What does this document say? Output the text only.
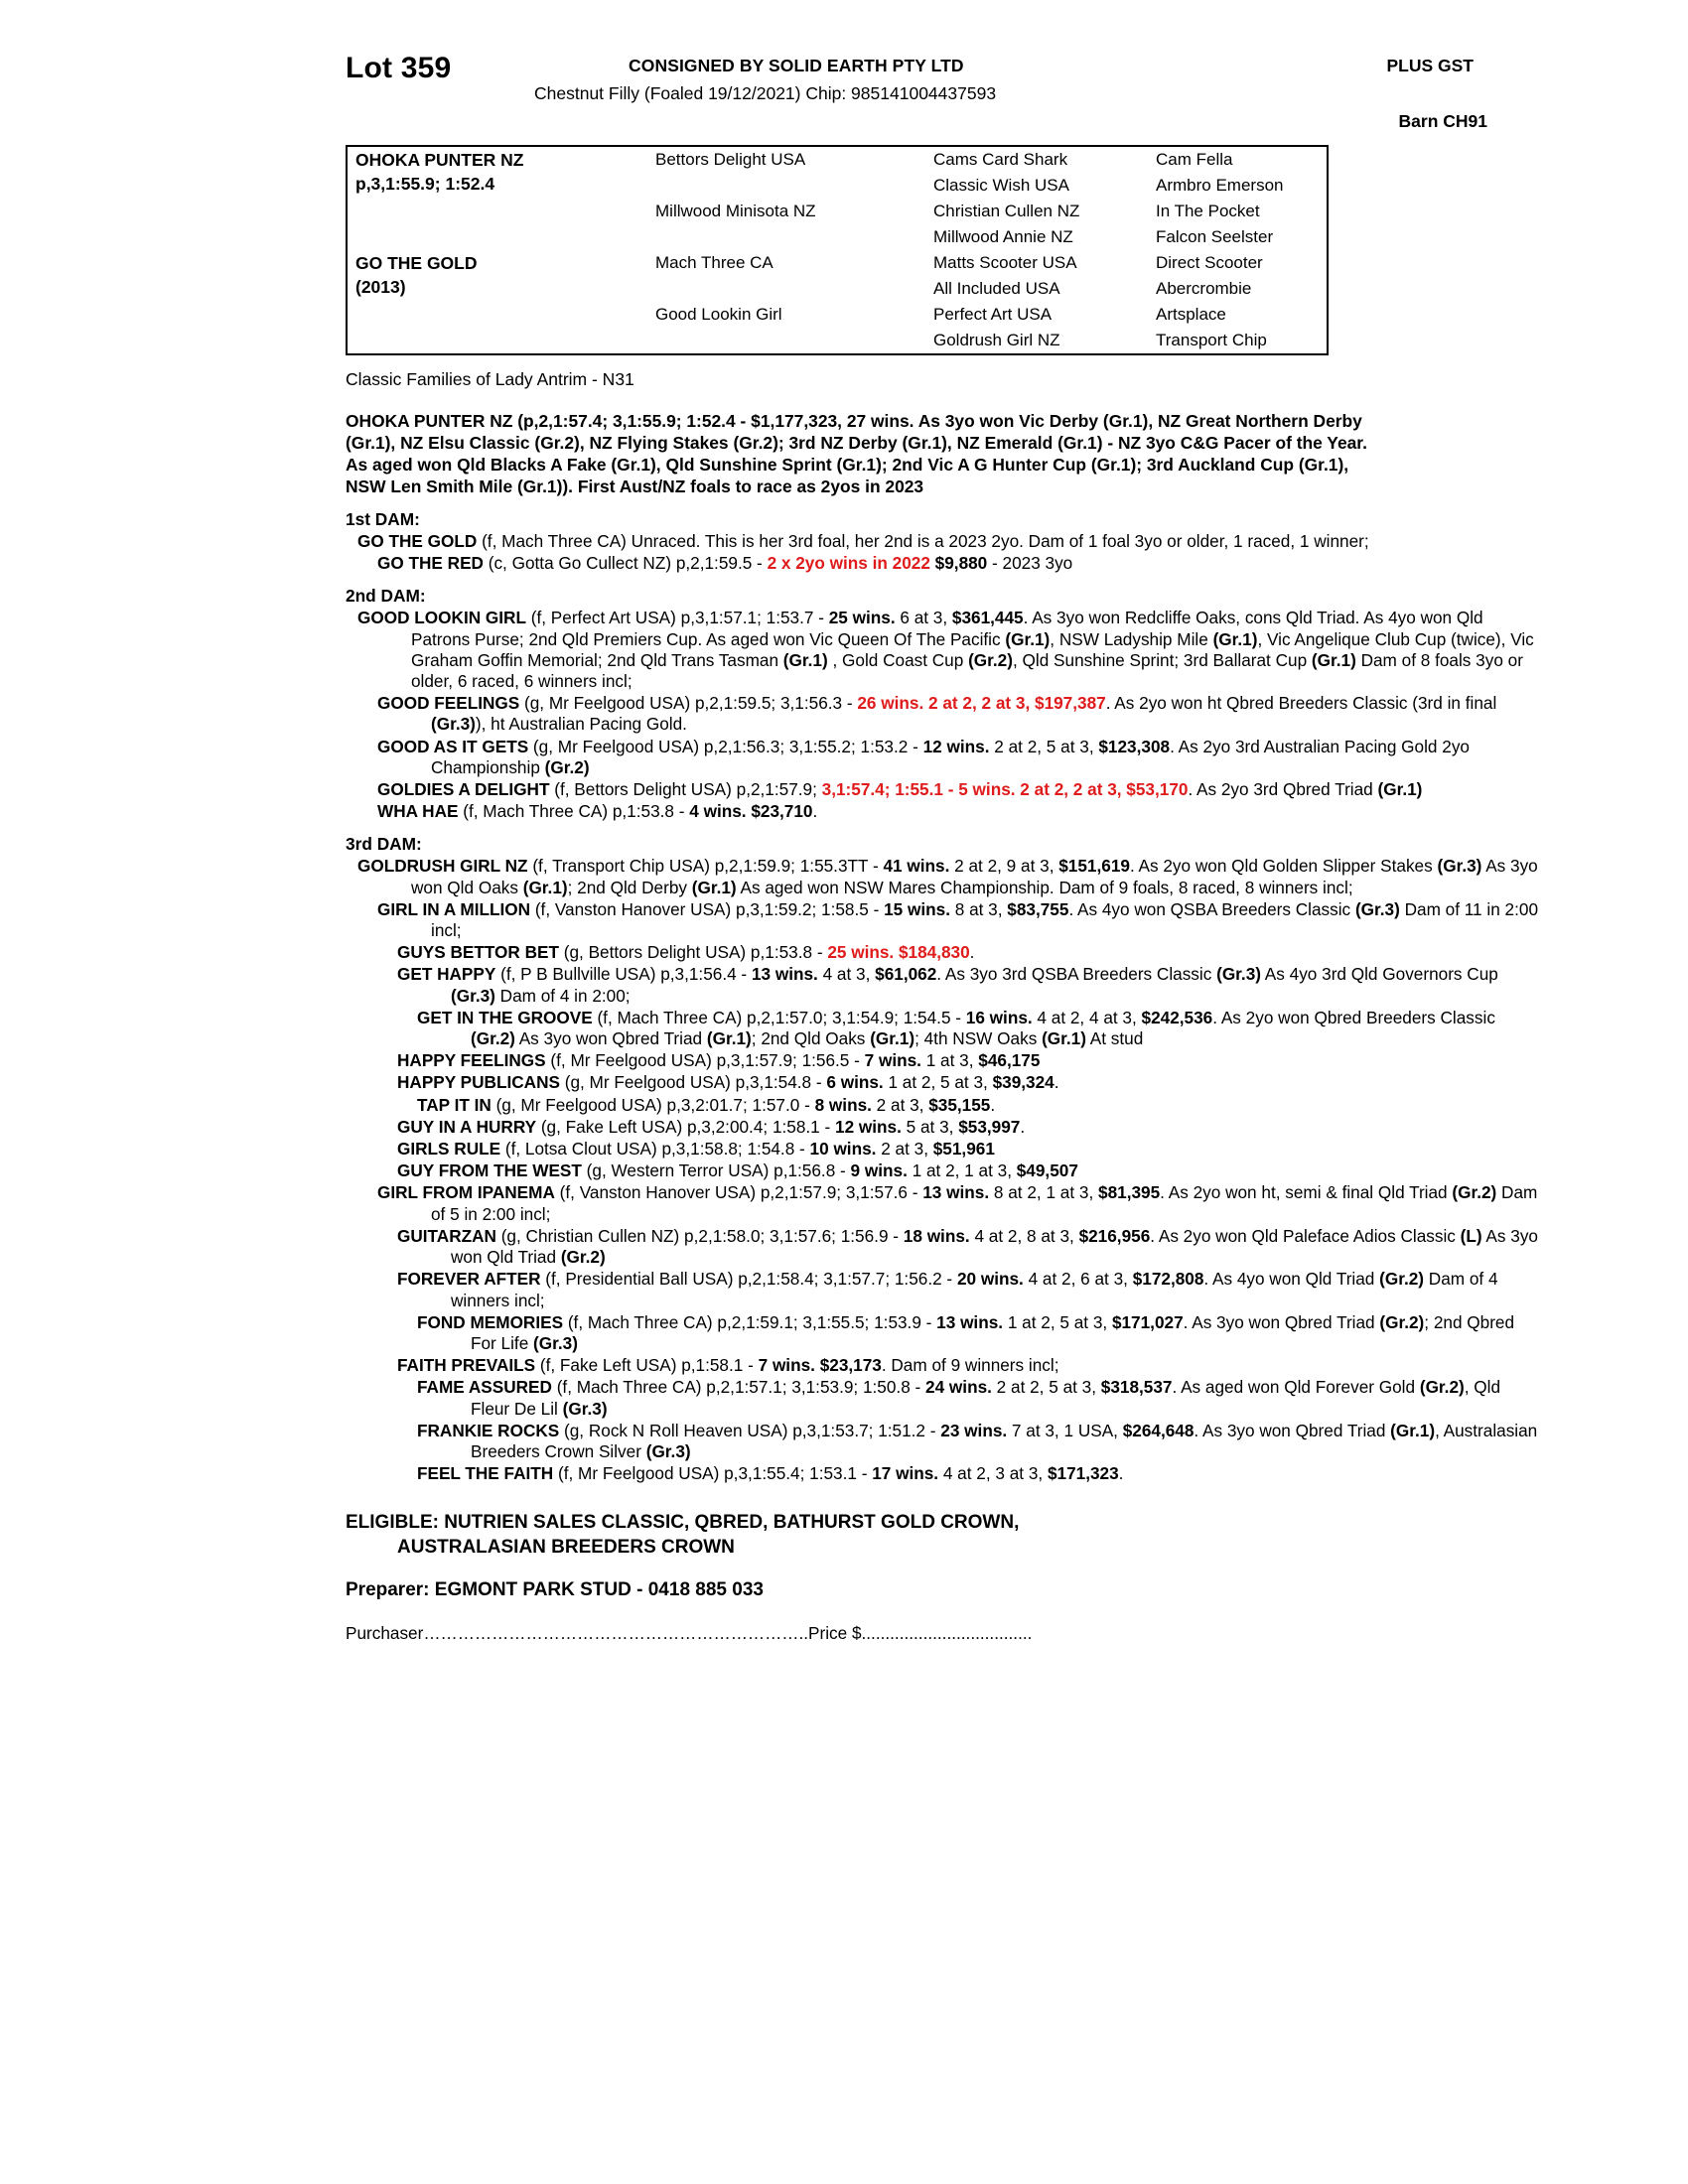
Lot 359	CONSIGNED BY SOLID EARTH PTY LTD
Chestnut Filly (Foaled 19/12/2021) Chip: 985141004437593
PLUS GST
Barn CH91
OHOKA PUNTER NZ
p,3,1:55.9; 1:52.4	Bettors Delight USA	Cams Card Shark	Cam Fella
		Classic Wish USA	Armbro Emerson
	Millwood Minisota NZ	Christian Cullen NZ	In The Pocket
		Millwood Annie NZ	Falcon Seelster

GO THE GOLD
(2013)	Mach Three CA	Matts Scooter USA	Direct Scooter
		All Included USA	Abercrombie
	Good Lookin Girl	Perfect Art USA	Artsplace
		Goldrush Girl NZ	Transport Chip
Classic Families of Lady Antrim - N31
OHOKA PUNTER NZ (p,2,1:57.4; 3,1:55.9; 1:52.4 - $1,177,323, 27 wins. As 3yo won Vic Derby (Gr.1), NZ Great Northern Derby (Gr.1), NZ Elsu Classic (Gr.2), NZ Flying Stakes (Gr.2); 3rd NZ Derby (Gr.1), NZ Emerald (Gr.1) - NZ 3yo C&G Pacer of the Year. As aged won Qld Blacks A Fake (Gr.1), Qld Sunshine Sprint (Gr.1); 2nd Vic A G Hunter Cup (Gr.1); 3rd Auckland Cup (Gr.1), NSW Len Smith Mile (Gr.1)). First Aust/NZ foals to race as 2yos in 2023
1st DAM:
GO THE GOLD (f, Mach Three CA) Unraced. This is her 3rd foal, her 2nd is a 2023 2yo. Dam of 1 foal 3yo or older, 1 raced, 1 winner;
GO THE RED (c, Gotta Go Cullect NZ) p,2,1:59.5 - 2 x 2yo wins in 2022 $9,880 - 2023 3yo
2nd DAM:
GOOD LOOKIN GIRL (f, Perfect Art USA) p,3,1:57.1; 1:53.7 - 25 wins. 6 at 3, $361,445. As 3yo won Redcliffe Oaks, cons Qld Triad. As 4yo won Qld Patrons Purse; 2nd Qld Premiers Cup. As aged won Vic Queen Of The Pacific (Gr.1), NSW Ladyship Mile (Gr.1), Vic Angelique Club Cup (twice), Vic Graham Goffin Memorial; 2nd Qld Trans Tasman (Gr.1) , Gold Coast Cup (Gr.2), Qld Sunshine Sprint; 3rd Ballarat Cup (Gr.1) Dam of 8 foals 3yo or older, 6 raced, 6 winners incl;
GOOD FEELINGS (g, Mr Feelgood USA) p,2,1:59.5; 3,1:56.3 - 26 wins. 2 at 2, 2 at 3, $197,387. As 2yo won ht Qbred Breeders Classic (3rd in final (Gr.3)), ht Australian Pacing Gold.
GOOD AS IT GETS (g, Mr Feelgood USA) p,2,1:56.3; 3,1:55.2; 1:53.2 - 12 wins. 2 at 2, 5 at 3, $123,308. As 2yo 3rd Australian Pacing Gold 2yo Championship (Gr.2)
GOLDIES A DELIGHT (f, Bettors Delight USA) p,2,1:57.9; 3,1:57.4; 1:55.1 - 5 wins. 2 at 2, 2 at 3, $53,170. As 2yo 3rd Qbred Triad (Gr.1)
WHA HAE (f, Mach Three CA) p,1:53.8 - 4 wins. $23,710.
3rd DAM:
GOLDRUSH GIRL NZ (f, Transport Chip USA) p,2,1:59.9; 1:55.3TT - 41 wins. 2 at 2, 9 at 3, $151,619. As 2yo won Qld Golden Slipper Stakes (Gr.3) As 3yo won Qld Oaks (Gr.1); 2nd Qld Derby (Gr.1) As aged won NSW Mares Championship. Dam of 9 foals, 8 raced, 8 winners incl;
GIRL IN A MILLION (f, Vanston Hanover USA) p,3,1:59.2; 1:58.5 - 15 wins. 8 at 3, $83,755. As 4yo won QSBA Breeders Classic (Gr.3) Dam of 11 in 2:00 incl;
GUYS BETTOR BET (g, Bettors Delight USA) p,1:53.8 - 25 wins. $184,830.
GET HAPPY (f, P B Bullville USA) p,3,1:56.4 - 13 wins. 4 at 3, $61,062. As 3yo 3rd QSBA Breeders Classic (Gr.3) As 4yo 3rd Qld Governors Cup (Gr.3) Dam of 4 in 2:00;
GET IN THE GROOVE (f, Mach Three CA) p,2,1:57.0; 3,1:54.9; 1:54.5 - 16 wins. 4 at 2, 4 at 3, $242,536. As 2yo won Qbred Breeders Classic (Gr.2) As 3yo won Qbred Triad (Gr.1); 2nd Qld Oaks (Gr.1); 4th NSW Oaks (Gr.1) At stud
HAPPY FEELINGS (f, Mr Feelgood USA) p,3,1:57.9; 1:56.5 - 7 wins. 1 at 3, $46,175
HAPPY PUBLICANS (g, Mr Feelgood USA) p,3,1:54.8 - 6 wins. 1 at 2, 5 at 3, $39,324.
TAP IT IN (g, Mr Feelgood USA) p,3,2:01.7; 1:57.0 - 8 wins. 2 at 3, $35,155.
GUY IN A HURRY (g, Fake Left USA) p,3,2:00.4; 1:58.1 - 12 wins. 5 at 3, $53,997.
GIRLS RULE (f, Lotsa Clout USA) p,3,1:58.8; 1:54.8 - 10 wins. 2 at 3, $51,961
GUY FROM THE WEST (g, Western Terror USA) p,1:56.8 - 9 wins. 1 at 2, 1 at 3, $49,507
GIRL FROM IPANEMA (f, Vanston Hanover USA) p,2,1:57.9; 3,1:57.6 - 13 wins. 8 at 2, 1 at 3, $81,395. As 2yo won ht, semi & final Qld Triad (Gr.2) Dam of 5 in 2:00 incl;
GUITARZAN (g, Christian Cullen NZ) p,2,1:58.0; 3,1:57.6; 1:56.9 - 18 wins. 4 at 2, 8 at 3, $216,956. As 2yo won Qld Paleface Adios Classic (L) As 3yo won Qld Triad (Gr.2)
FOREVER AFTER (f, Presidential Ball USA) p,2,1:58.4; 3,1:57.7; 1:56.2 - 20 wins. 4 at 2, 6 at 3, $172,808. As 4yo won Qld Triad (Gr.2) Dam of 4 winners incl;
FOND MEMORIES (f, Mach Three CA) p,2,1:59.1; 3,1:55.5; 1:53.9 - 13 wins. 1 at 2, 5 at 3, $171,027. As 3yo won Qbred Triad (Gr.2); 2nd Qbred For Life (Gr.3)
FAITH PREVAILS (f, Fake Left USA) p,1:58.1 - 7 wins. $23,173. Dam of 9 winners incl;
FAME ASSURED (f, Mach Three CA) p,2,1:57.1; 3,1:53.9; 1:50.8 - 24 wins. 2 at 2, 5 at 3, $318,537. As aged won Qld Forever Gold (Gr.2), Qld Fleur De Lil (Gr.3)
FRANKIE ROCKS (g, Rock N Roll Heaven USA) p,3,1:53.7; 1:51.2 - 23 wins. 7 at 3, 1 USA, $264,648. As 3yo won Qbred Triad (Gr.1), Australasian Breeders Crown Silver (Gr.3)
FEEL THE FAITH (f, Mr Feelgood USA) p,3,1:55.4; 1:53.1 - 17 wins. 4 at 2, 3 at 3, $171,323.
ELIGIBLE: NUTRIEN SALES CLASSIC, QBRED, BATHURST GOLD CROWN,
AUSTRALASIAN BREEDERS CROWN
Preparer: EGMONT PARK STUD - 0418 885 033
Purchaser…………………………………………………………..Price $....................................
